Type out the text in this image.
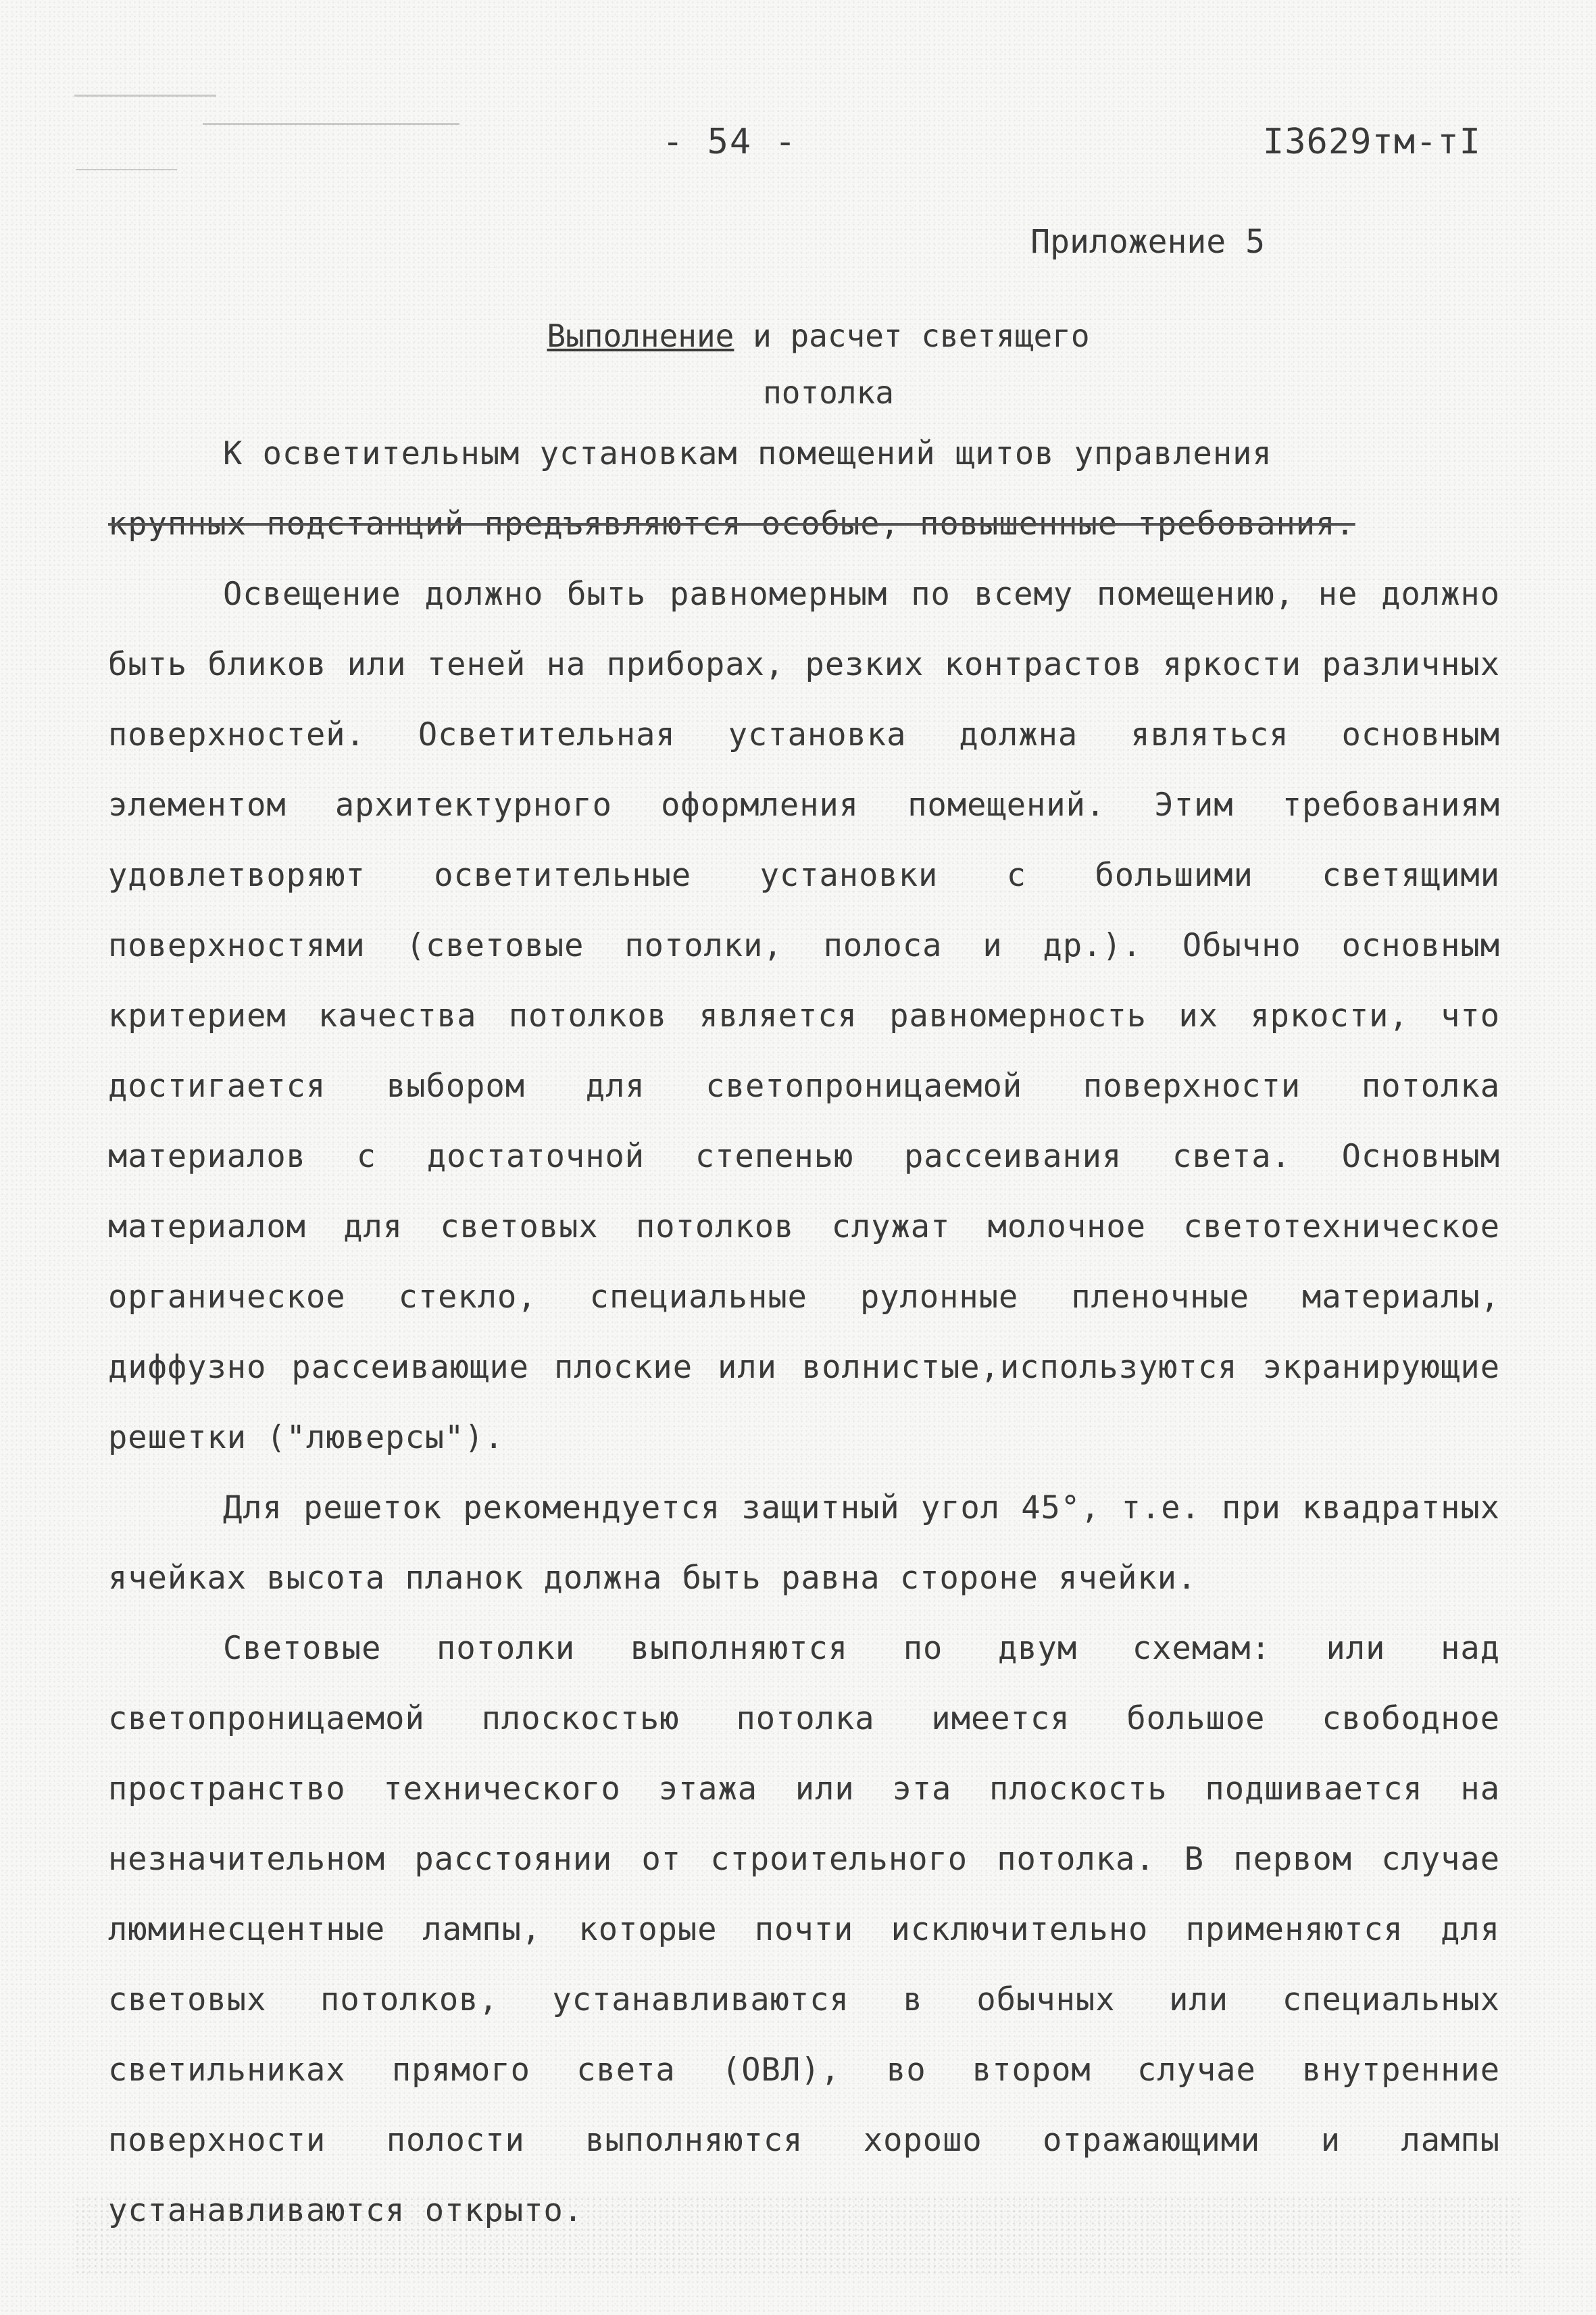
- 54 -	I3629тм-тI
Приложение 5
Выполнение и расчет светящего
потолка

К осветительным установкам помещений щитов управления

крупных подстанций предъявляются особые, повышенные требования.

Освещение должно быть равномерным по всему помещению, не должно быть бликов или теней на приборах, резких контрастов яркости различных поверхностей. Осветительная установка должна являться основным элементом архитектурного оформления помещений. Этим требованиям удовлетворяют осветительные установки с большими светящими поверхностями (световые потолки, полоса и др.). Обычно основным критерием качества потолков является равномерность их яркости, что достигается выбором для светопроницаемой поверхности потолка материалов с достаточной степенью рассеивания света. Основным материалом для световых потолков служат молочное светотехническое органическое стекло, специальные рулонные пленочные материалы, диффузно рассеивающие плоские или волнистые,используются экранирующие решетки ("люверсы").

Для решеток рекомендуется защитный угол 45°, т.е. при квадратных ячейках высота планок должна быть равна стороне ячейки.

Световые потолки выполняются по двум схемам: или над светопроницаемой плоскостью потолка имеется большое свободное пространство технического этажа или эта плоскость подшивается на незначительном расстоянии от строительного потолка. В первом случае люминесцентные лампы, которые почти исключительно применяются для световых потолков, устанавливаются в обычных или специальных светильниках прямого света (ОВЛ), во втором случае внутренние поверхности полости выполняются хорошо отражающими и лампы устанавливаются открыто.
